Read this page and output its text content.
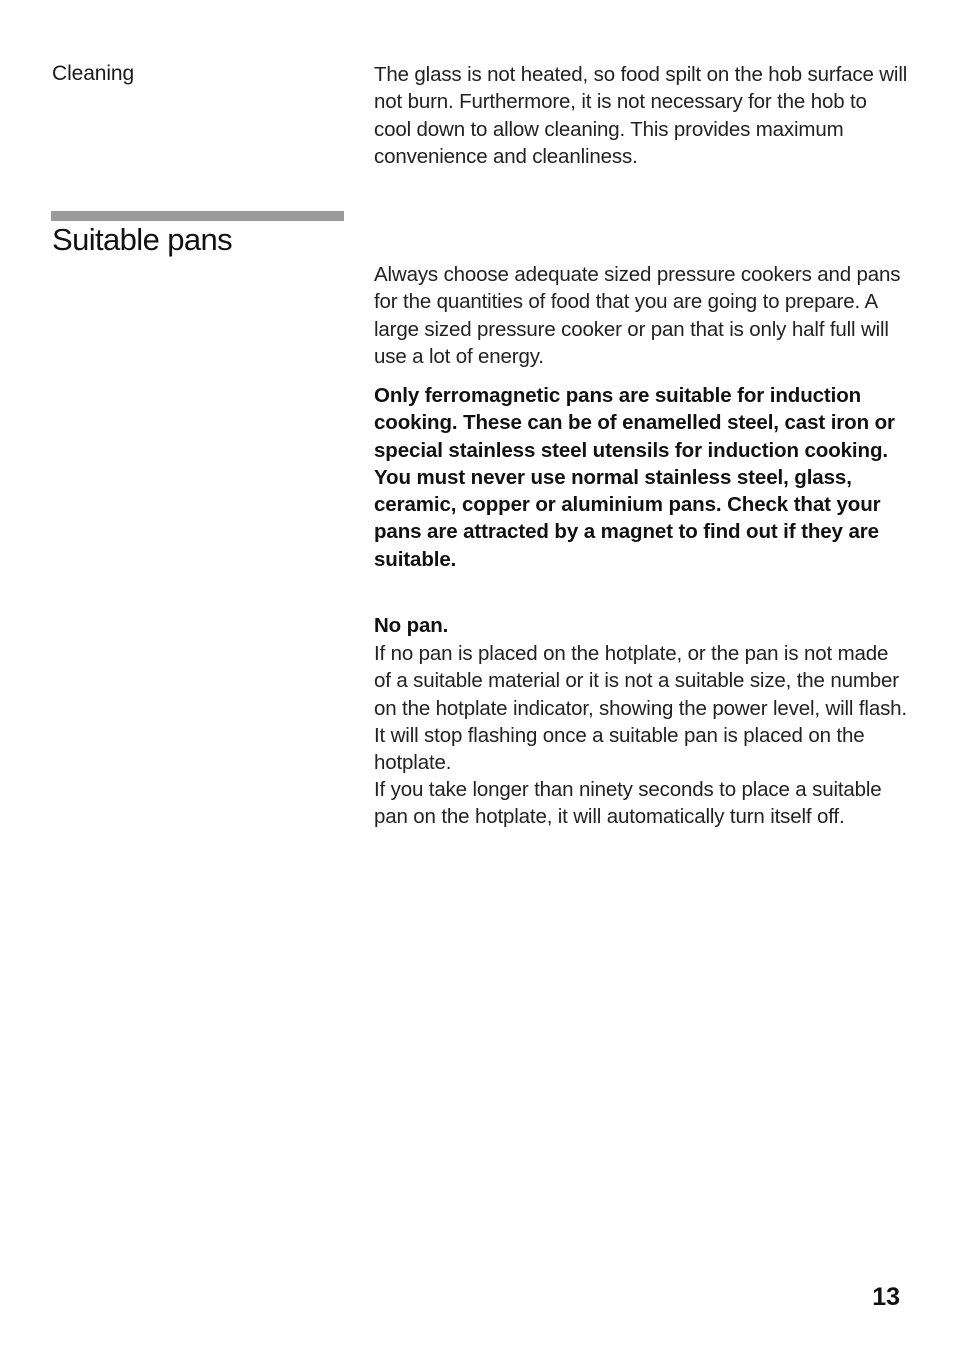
Cleaning	The glass is not heated, so food spilt on the hob surface will not burn. Furthermore, it is not necessary for the hob to cool down to allow cleaning. This provides maximum convenience and cleanliness.

Suitable pans

Always choose adequate sized pressure cookers and pans for the quantities of food that you are going to prepare. A large sized pressure cooker or pan that is only half full will use a lot of energy.

Only ferromagnetic pans are suitable for induction cooking. These can be of enamelled steel, cast iron or special stainless steel utensils for induction cooking. You must never use normal stainless steel, glass, ceramic, copper or aluminium pans. Check that your pans are attracted by a magnet to find out if they are suitable.

No pan.

If no pan is placed on the hotplate, or the pan is not made of a suitable material or it is not a suitable size, the number on the hotplate indicator, showing the power level, will flash. It will stop flashing once a suitable pan is placed on the hotplate.

If you take longer than ninety seconds to place a suitable pan on the hotplate, it will automatically turn itself off.

13
